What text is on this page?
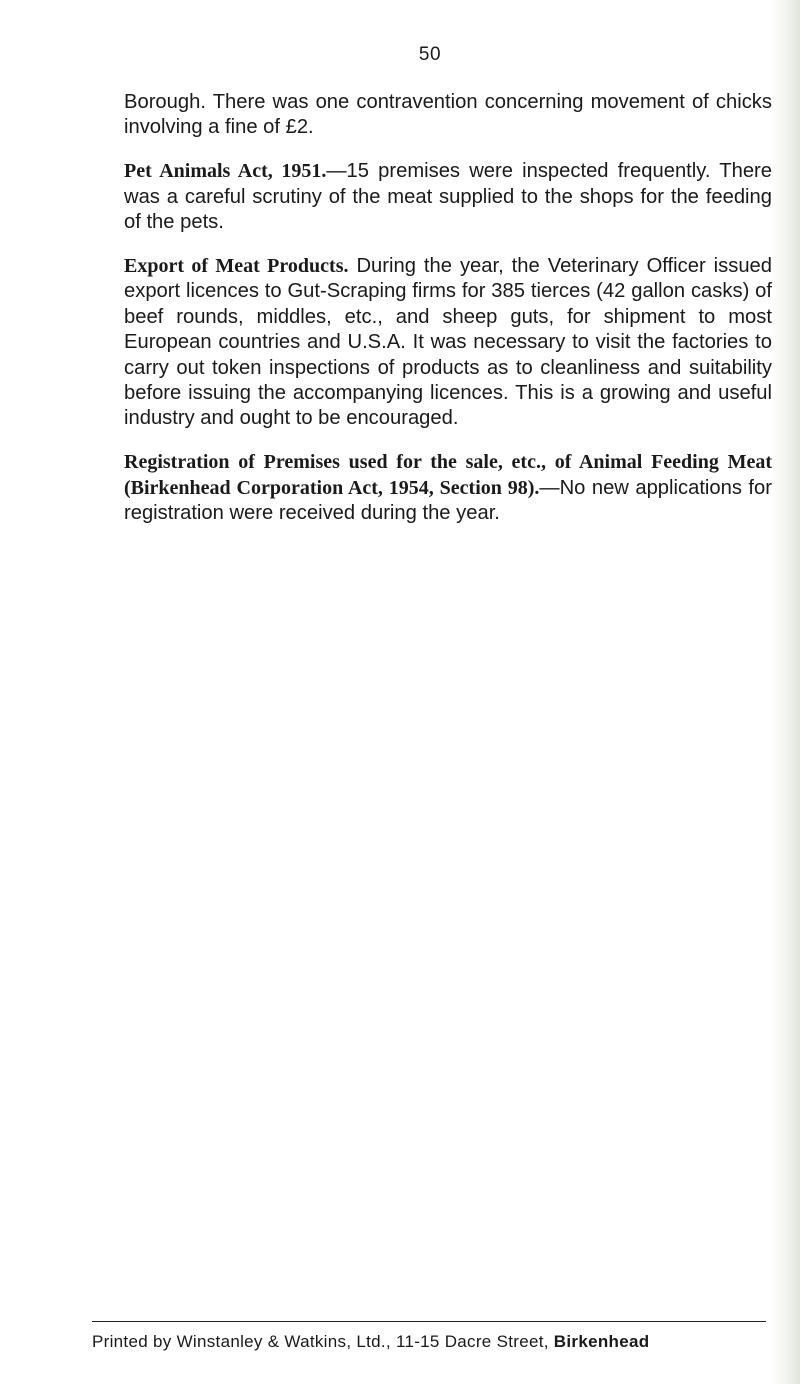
50

Borough. There was one contravention concerning movement of chicks involving a fine of £2.

Pet Animals Act, 1951.—15 premises were inspected frequently. There was a careful scrutiny of the meat supplied to the shops for the feeding of the pets.

Export of Meat Products. During the year, the Veterinary Officer issued export licences to Gut-Scraping firms for 385 tierces (42 gallon casks) of beef rounds, middles, etc., and sheep guts, for shipment to most European countries and U.S.A. It was necessary to visit the factories to carry out token inspections of products as to cleanliness and suitability before issuing the accompanying licences. This is a growing and useful industry and ought to be encouraged.

Registration of Premises used for the sale, etc., of Animal Feeding Meat (Birkenhead Corporation Act, 1954, Section 98).—No new applications for registration were received during the year.

Printed by Winstanley & Watkins, Ltd., 11-15 Dacre Street, Birkenhead
